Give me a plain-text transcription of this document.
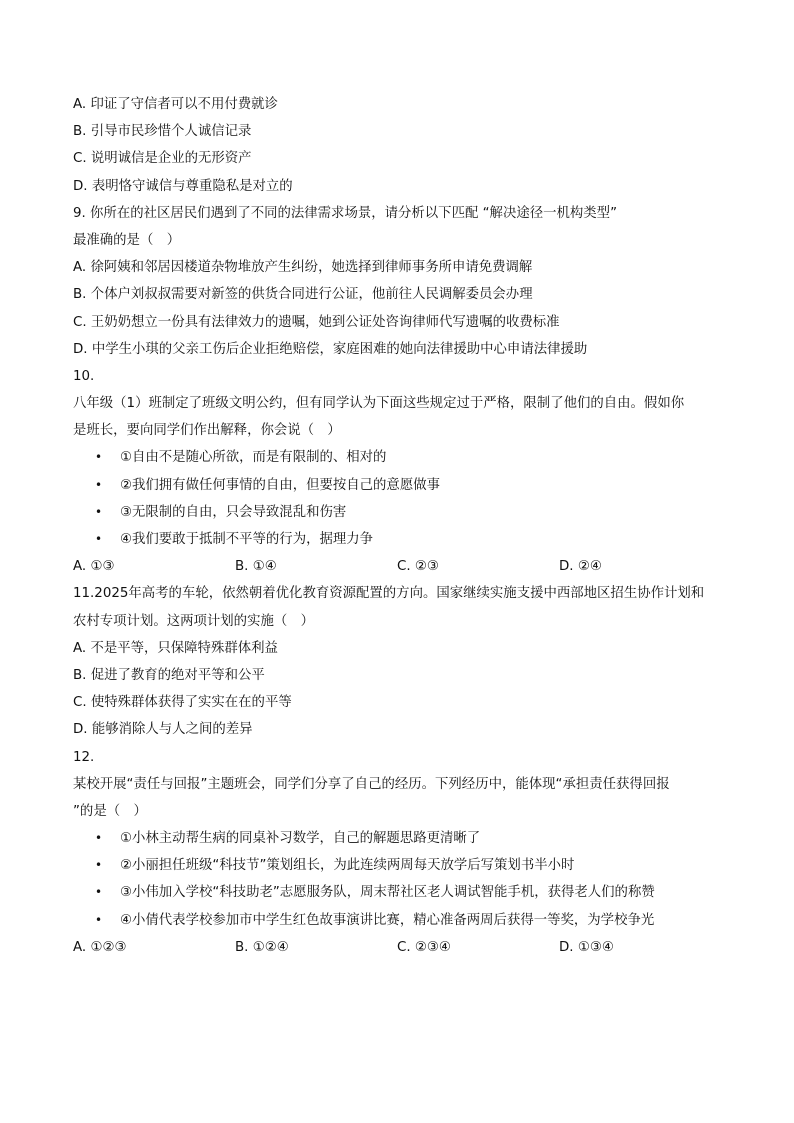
A. 印证了守信者可以不用付费就诊
B. 引导市民珍惜个人诚信记录
C. 说明诚信是企业的无形资产
D. 表明恪守诚信与尊重隐私是对立的
9. 你所在的社区居民们遇到了不同的法律需求场景，请分析以下匹配 “解决途径一机构类型”
最准确的是（　）
A. 徐阿姨和邻居因楼道杂物堆放产生纠纷，她选择到律师事务所申请免费调解
B. 个体户刘叔叔需要对新签的供货合同进行公证，他前往人民调解委员会办理
C. 王奶奶想立一份具有法律效力的遗嘱，她到公证处咨询律师代写遗嘱的收费标准
D. 中学生小琪的父亲工伤后企业拒绝赔偿，家庭困难的她向法律援助中心申请法律援助
10.
八年级（1）班制定了班级文明公约，但有同学认为下面这些规定过于严格，限制了他们的自由。假如你
是班长，要向同学们作出解释，你会说（　）
• ①自由不是随心所欲，而是有限制的、相对的
• ②我们拥有做任何事情的自由，但要按自己的意愿做事
• ③无限制的自由，只会导致混乱和伤害
• ④我们要敢于抵制不平等的行为，据理力争
A. ①③	B. ①④	C. ②③	D. ②④
11.2025年高考的车轮，依然朝着优化教育资源配置的方向。国家继续实施支援中西部地区招生协作计划和
农村专项计划。这两项计划的实施（　）
A. 不是平等，只保障特殊群体利益
B. 促进了教育的绝对平等和公平
C. 使特殊群体获得了实实在在的平等
D. 能够消除人与人之间的差异
12.
某校开展“责任与回报”主题班会，同学们分享了自己的经历。下列经历中，能体现“承担责任获得回报
”的是（　）
• ①小林主动帮生病的同桌补习数学，自己的解题思路更清晰了
• ②小丽担任班级“科技节”策划组长，为此连续两周每天放学后写策划书半小时
• ③小伟加入学校“科技助老”志愿服务队，周末帮社区老人调试智能手机，获得老人们的称赞
• ④小倩代表学校参加市中学生红色故事演讲比赛，精心准备两周后获得一等奖，为学校争光
A. ①②③	B. ①②④	C. ②③④	D. ①③④
